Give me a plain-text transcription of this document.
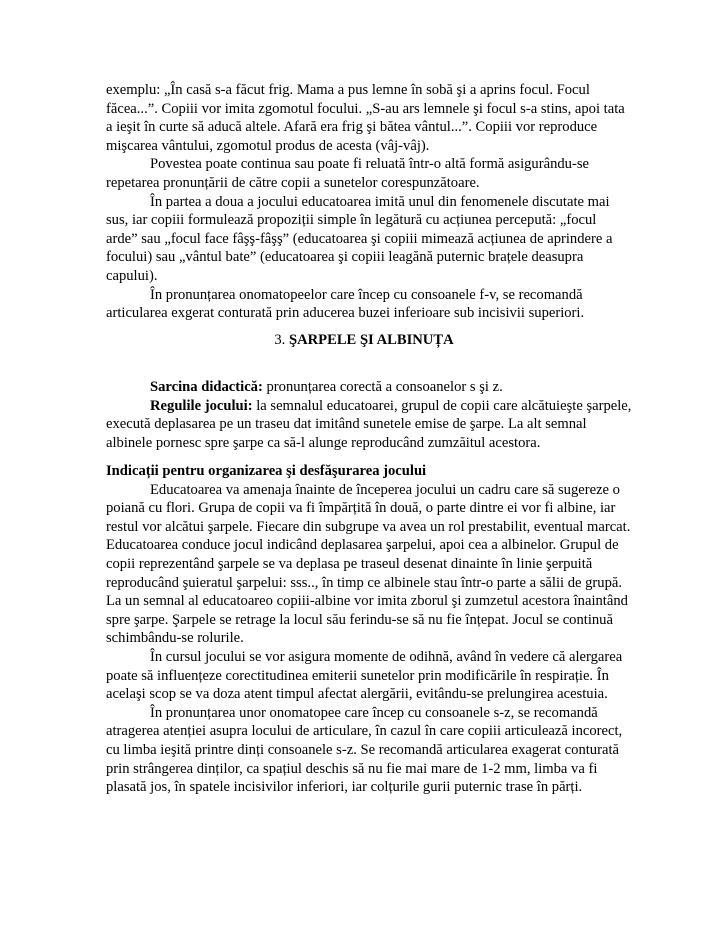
exemplu: „În casă s-a făcut frig. Mama a pus lemne în sobă şi a aprins focul. Focul
făcea...”. Copiii vor imita zgomotul focului. „S-au ars lemnele şi focul s-a stins, apoi tata
a ieşit în curte să aducă altele. Afară era frig şi bătea vântul...”. Copiii vor reproduce
mişcarea vântului, zgomotul produs de acesta (vâj-vâj).
Povestea poate continua sau poate fi reluată într-o altă formă asigurându-se
repetarea pronunțării de către copii a sunetelor corespunzătoare.
În partea a doua a jocului educatoarea imită unul din fenomenele discutate mai
sus, iar copiii formulează propoziții simple în legătură cu acțiunea percepută: „focul
arde” sau „focul face fâşş-fâşş” (educatoarea şi copiii mimează acțiunea de aprindere a
focului) sau „vântul bate” (educatoarea şi copiii leagănă puternic brațele deasupra
capului).
În pronunțarea onomatopeelor care încep cu consoanele f-v, se recomandă
articularea exgerat conturată prin aducerea buzei inferioare sub incisivii superiori.
3. ŞARPELE ŞI ALBINUȚA
Sarcina didactică: pronunțarea corectă a consoanelor s şi z.
Regulile jocului: la semnalul educatoarei, grupul de copii care alcătuieşte şarpele,
execută deplasarea pe un traseu dat imitând sunetele emise de şarpe. La alt semnal
albinele pornesc spre şarpe ca să-l alunge reproducând zumzăitul acestora.
Indicații pentru organizarea şi desfăşurarea jocului
Educatoarea va amenaja înainte de începerea jocului un cadru care să sugereze o
poiană cu flori. Grupa de copii va fi împărțită în două, o parte dintre ei vor fi albine, iar
restul vor alcătui şarpele. Fiecare din subgrupe va avea un rol prestabilit, eventual marcat.
Educatoarea conduce jocul indicând deplasarea şarpelui, apoi cea a albinelor. Grupul de
copii reprezentând şarpele se va deplasa pe traseul desenat dinainte în linie şerpuită
reproducând şuieratul şarpelui: sss.., în timp ce albinele stau într-o parte a sălii de grupă.
La un semnal al educatoareo copiii-albine vor imita zborul şi zumzetul acestora înaintând
spre şarpe. Şarpele se retrage la locul său ferindu-se să nu fie înțepat. Jocul se continuă
schimbându-se rolurile.
În cursul jocului se vor asigura momente de odihnă, având în vedere că alergarea
poate să influențeze corectitudinea emiterii sunetelor prin modificările în respirație. În
acelaşi scop se va doza atent timpul afectat alergării, evitându-se prelungirea acestuia.
În pronunțarea unor onomatopee care încep cu consoanele s-z, se recomandă
atragerea atenției asupra locului de articulare, în cazul în care copiii articulează incorect,
cu limba ieşită printre dinți consoanele s-z. Se recomandă articularea exagerat conturată
prin strângerea dinților, ca spațiul deschis să nu fie mai mare de 1-2 mm, limba va fi
plasată jos, în spatele incisivilor inferiori, iar colțurile gurii puternic trase în părți.
